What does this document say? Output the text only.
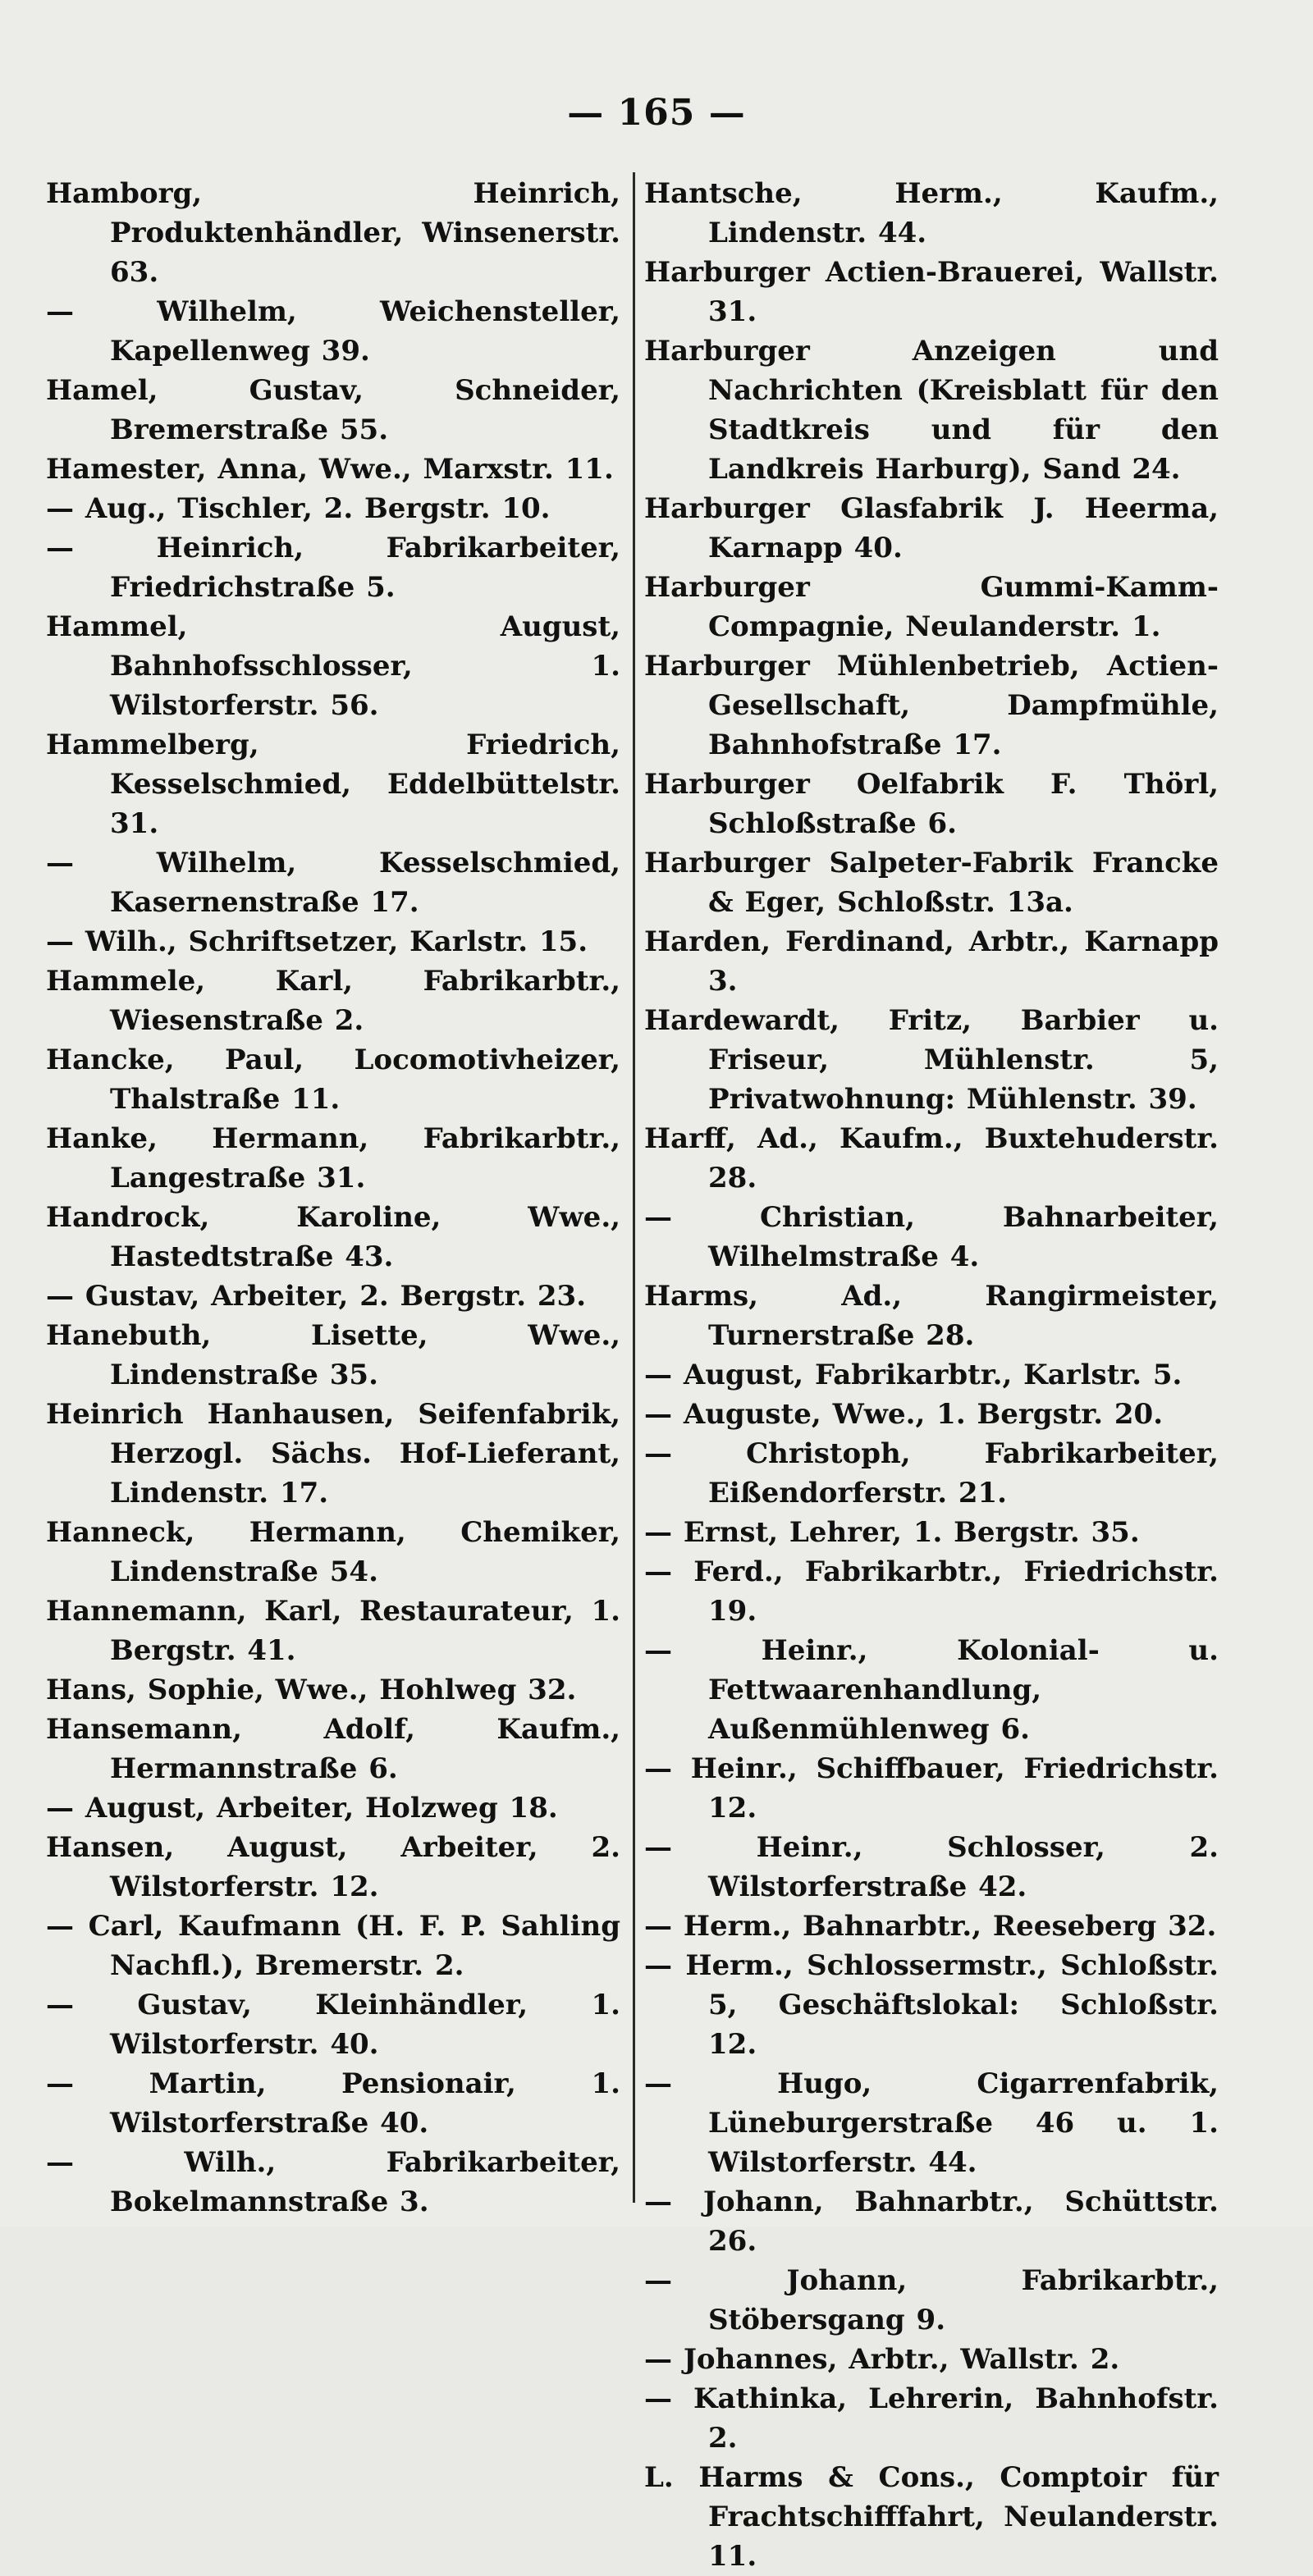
— 165 —

Hamborg, Heinrich, Produktenhändler, Winsenerstr. 63.

— Wilhelm, Weichensteller, Kapellenweg 39.

Hamel, Gustav, Schneider, Bremerstraße 55.

Hamester, Anna, Wwe., Marxstr. 11.

— Aug., Tischler, 2. Bergstr. 10.

— Heinrich, Fabrikarbeiter, Friedrichstraße 5.

Hammel, August, Bahnhofsschlosser, 1. Wilstorferstr. 56.

Hammelberg, Friedrich, Kesselschmied, Eddelbüttelstr. 31.

— Wilhelm, Kesselschmied, Kasernenstraße 17.

— Wilh., Schriftsetzer, Karlstr. 15.

Hammele, Karl, Fabrikarbtr., Wiesenstraße 2.

Hancke, Paul, Locomotivheizer, Thalstraße 11.

Hanke, Hermann, Fabrikarbtr., Langestraße 31.

Handrock, Karoline, Wwe., Hastedtstraße 43.

— Gustav, Arbeiter, 2. Bergstr. 23.

Hanebuth, Lisette, Wwe., Lindenstraße 35.

Heinrich Hanhausen, Seifenfabrik, Herzogl. Sächs. Hof-Lieferant, Lindenstr. 17.

Hanneck, Hermann, Chemiker, Lindenstraße 54.

Hannemann, Karl, Restaurateur, 1. Bergstr. 41.

Hans, Sophie, Wwe., Hohlweg 32.

Hansemann, Adolf, Kaufm., Hermannstraße 6.

— August, Arbeiter, Holzweg 18.

Hansen, August, Arbeiter, 2. Wilstorferstr. 12.

— Carl, Kaufmann (H. F. P. Sahling Nachfl.), Bremerstr. 2.

— Gustav, Kleinhändler, 1. Wilstorferstr. 40.

— Martin, Pensionair, 1. Wilstorferstraße 40.

— Wilh., Fabrikarbeiter, Bokelmannstraße 3.

Hantsche, Herm., Kaufm., Lindenstr. 44.

Harburger Actien-Brauerei, Wallstr. 31.

Harburger Anzeigen und Nachrichten (Kreisblatt für den Stadtkreis und für den Landkreis Harburg), Sand 24.

Harburger Glasfabrik J. Heerma, Karnapp 40.

Harburger Gummi-Kamm-Compagnie, Neulanderstr. 1.

Harburger Mühlenbetrieb, Actien-Gesellschaft, Dampfmühle, Bahnhofstraße 17.

Harburger Oelfabrik F. Thörl, Schloßstraße 6.

Harburger Salpeter-Fabrik Francke & Eger, Schloßstr. 13a.

Harden, Ferdinand, Arbtr., Karnapp 3.

Hardewardt, Fritz, Barbier u. Friseur, Mühlenstr. 5, Privatwohnung: Mühlenstr. 39.

Harff, Ad., Kaufm., Buxtehuderstr. 28.

— Christian, Bahnarbeiter, Wilhelmstraße 4.

Harms, Ad., Rangirmeister, Turnerstraße 28.

— August, Fabrikarbtr., Karlstr. 5.

— Auguste, Wwe., 1. Bergstr. 20.

— Christoph, Fabrikarbeiter, Eißendorferstr. 21.

— Ernst, Lehrer, 1. Bergstr. 35.

— Ferd., Fabrikarbtr., Friedrichstr. 19.

— Heinr., Kolonial- u. Fettwaarenhandlung, Außenmühlenweg 6.

— Heinr., Schiffbauer, Friedrichstr. 12.

— Heinr., Schlosser, 2. Wilstorferstraße 42.

— Herm., Bahnarbtr., Reeseberg 32.

— Herm., Schlossermstr., Schloßstr. 5, Geschäftslokal: Schloßstr. 12.

— Hugo, Cigarrenfabrik, Lüneburgerstraße 46 u. 1. Wilstorferstr. 44.

— Johann, Bahnarbtr., Schüttstr. 26.

— Johann, Fabrikarbtr., Stöbersgang 9.

— Johannes, Arbtr., Wallstr. 2.

— Kathinka, Lehrerin, Bahnhofstr. 2.

L. Harms & Cons., Comptoir für Frachtschifffahrt, Neulanderstr. 11.
